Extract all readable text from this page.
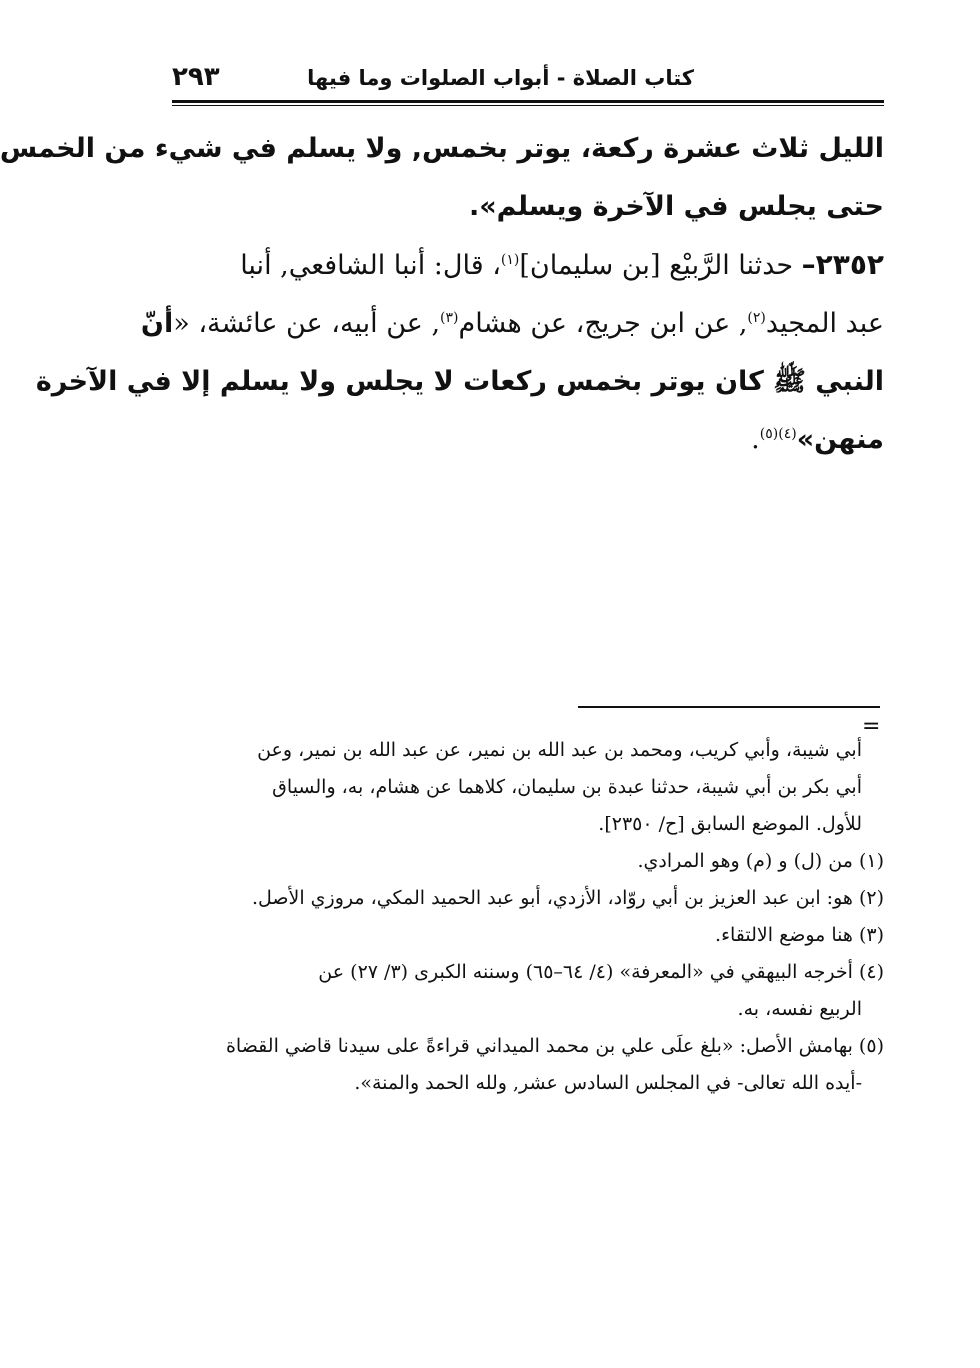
كتاب الصلاة - أبواب الصلوات وما فيها
٢٩٣
الليل ثلاث عشرة ركعة، يوتر بخمس, ولا يسلم في شيء من الخمس
حتى يجلس في الآخرة ويسلم».
٢٣٥٢– حدثنا الرَّبيْع [بن سليمان]$^{(١)}$، قال: أنبا الشافعي, أنبا
عبد المجيد$^{(٢)}$, عن ابن جريج، عن هشام$^{(٣)}$, عن أبيه، عن عائشة، «أنّ
النبي ﷺ كان يوتر بخمس ركعات لا يجلس ولا يسلم إلا في الآخرة
منهن»$^{(٤)(٥)}$.
=
أبي شيبة، وأبي كريب، ومحمد بن عبد الله بن نمير، عن عبد الله بن نمير، وعن
أبي بكر بن أبي شيبة، حدثنا عبدة بن سليمان، كلاهما عن هشام، به، والسياق
للأول. الموضع السابق [ح/ ٢٣٥٠].
(١) من (ل) و (م) وهو المرادي.
(٢) هو: ابن عبد العزيز بن أبي روّاد، الأزدي، أبو عبد الحميد المكي، مروزي الأصل.
(٣) هنا موضع الالتقاء.
(٤) أخرجه البيهقي في «المعرفة» (٤/ ٦٤–٦٥) وسننه الكبرى (٣/ ٢٧) عن
الربيع نفسه، به.
(٥) بهامش الأصل: «بلغ علَى علي بن محمد الميداني قراءةً على سيدنا قاضي القضاة
-أيده الله تعالى- في المجلس السادس عشر, ولله الحمد والمنة».
